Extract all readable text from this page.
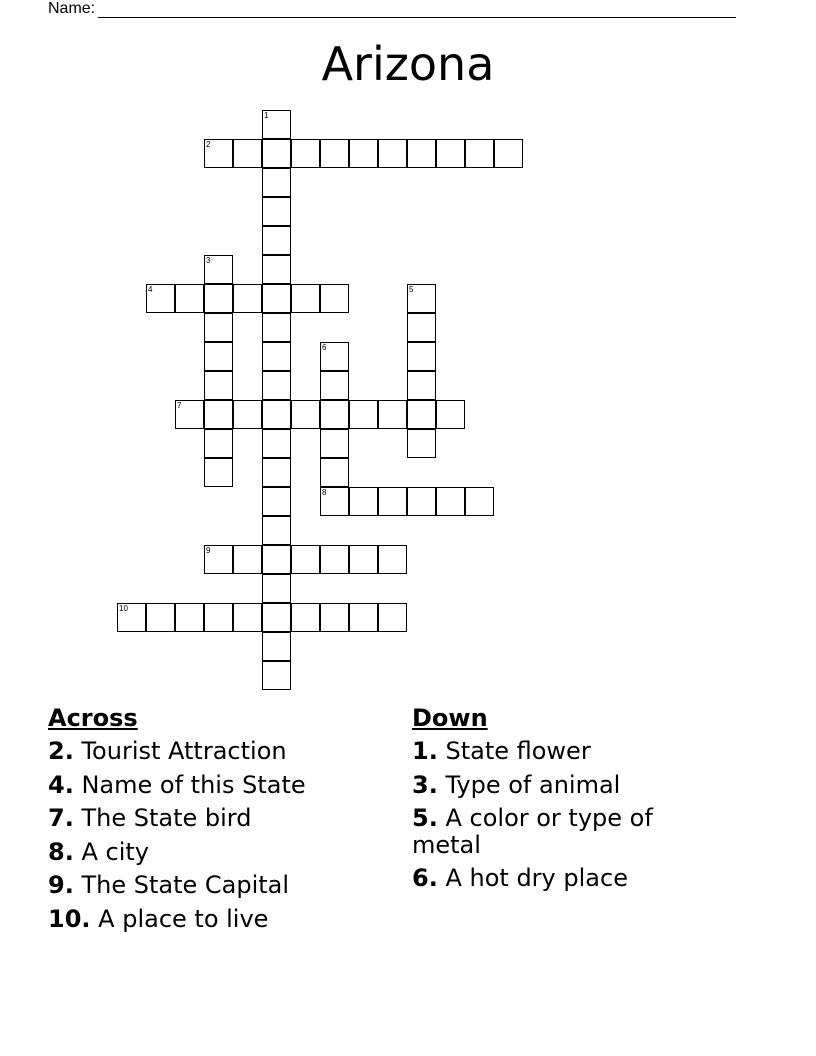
Name:
Arizona
1
2
3
4	5
6
8
7
9
10
Across
2. Tourist Attraction
4. Name of this State
7. The State bird
8. A city
9. The State Capital
10. A place to live
Down
1. State flower
3. Type of animal
5. A color or type of metal
6. A hot dry place
